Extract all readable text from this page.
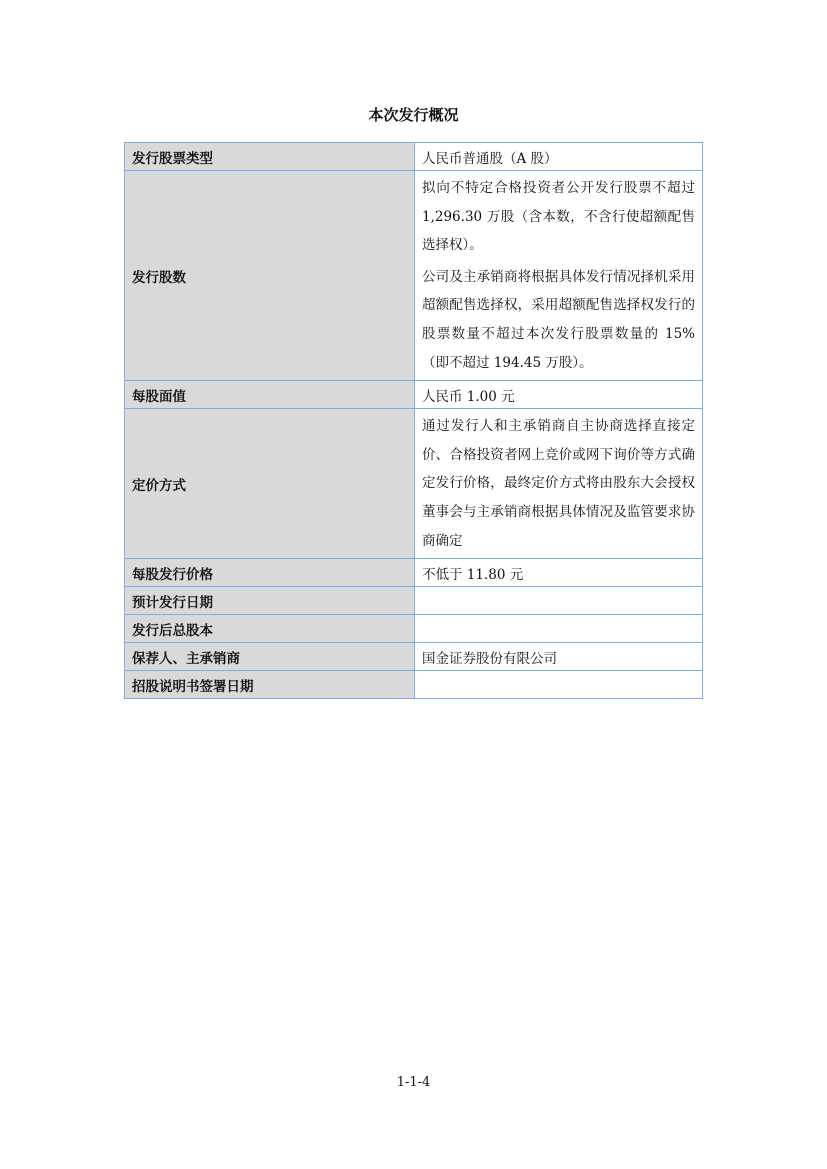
本次发行概况
发行股票类型	人民币普通股（A 股）
发行股数	拟向不特定合格投资者公开发行股票不超过 1,296.30 万股（含本数，不含行使超额配售选择权）。

公司及主承销商将根据具体发行情况择机采用超额配售选择权，采用超额配售选择权发行的股票数量不超过本次发行股票数量的 15%（即不超过 194.45 万股）。

每股面值	人民币 1.00 元
定价方式	通过发行人和主承销商自主协商选择直接定价、合格投资者网上竞价或网下询价等方式确定发行价格，最终定价方式将由股东大会授权董事会与主承销商根据具体情况及监管要求协商确定

每股发行价格	不低于 11.80 元
预计发行日期	
发行后总股本	
保荐人、主承销商	国金证券股份有限公司
招股说明书签署日期	
1-1-4
